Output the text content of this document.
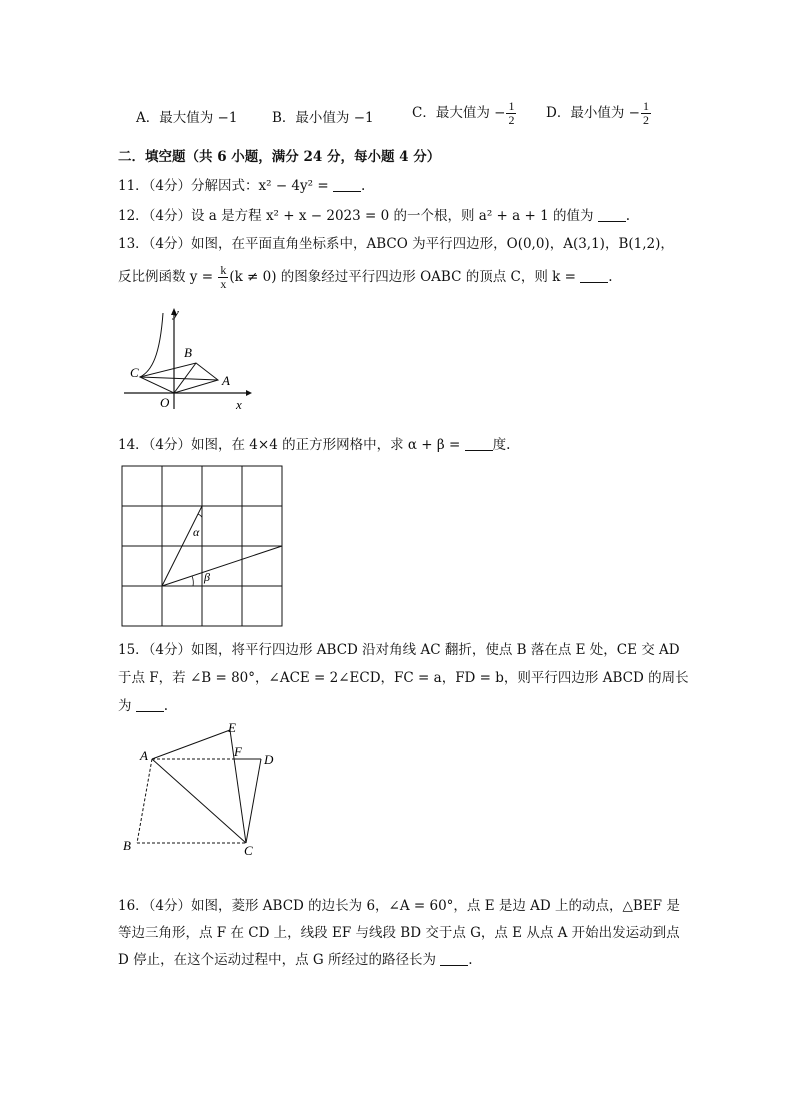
A．最大值为 −1	B．最小值为 −1	C．最大值为 − $\frac{1}{2}$ D．最小值为 − $\frac{1}{2}$
二．填空题（共 6 小题，满分 24 分，每小题 4 分）
11．（4分）分解因式：x² − 4y² = .
12．（4分）设 a 是方程 x² + x − 2023 = 0 的一个根，则 a² + a + 1 的值为 .
13．（4分）如图，在平面直角坐标系中，ABCO 为平行四边形，O(0,0)，A(3,1)，B(1,2)，
反比例函数 $y = \frac{k}{x} (k \ne 0)$ 的图象经过平行四边形 OABC 的顶点 C，则 k = .
y
x
O
A
B
C
14．（4分）如图，在 4×4 的正方形网格中，求 α + β = 度.
α
β
15．（4分）如图，将平行四边形 ABCD 沿对角线 AC 翻折，使点 B 落在点 E 处，CE 交 AD
于点 F，若 ∠B = 80°，∠ACE = 2∠ECD，FC = a，FD = b，则平行四边形 ABCD 的周长
为 .
A
B	C
D
E
F
16．（4分）如图，菱形 ABCD 的边长为 6，∠A = 60°，点 E 是边 AD 上的动点，△BEF 是
等边三角形，点 F 在 CD 上，线段 EF 与线段 BD 交于点 G，点 E 从点 A 开始出发运动到点
D 停止，在这个运动过程中，点 G 所经过的路径长为 .
